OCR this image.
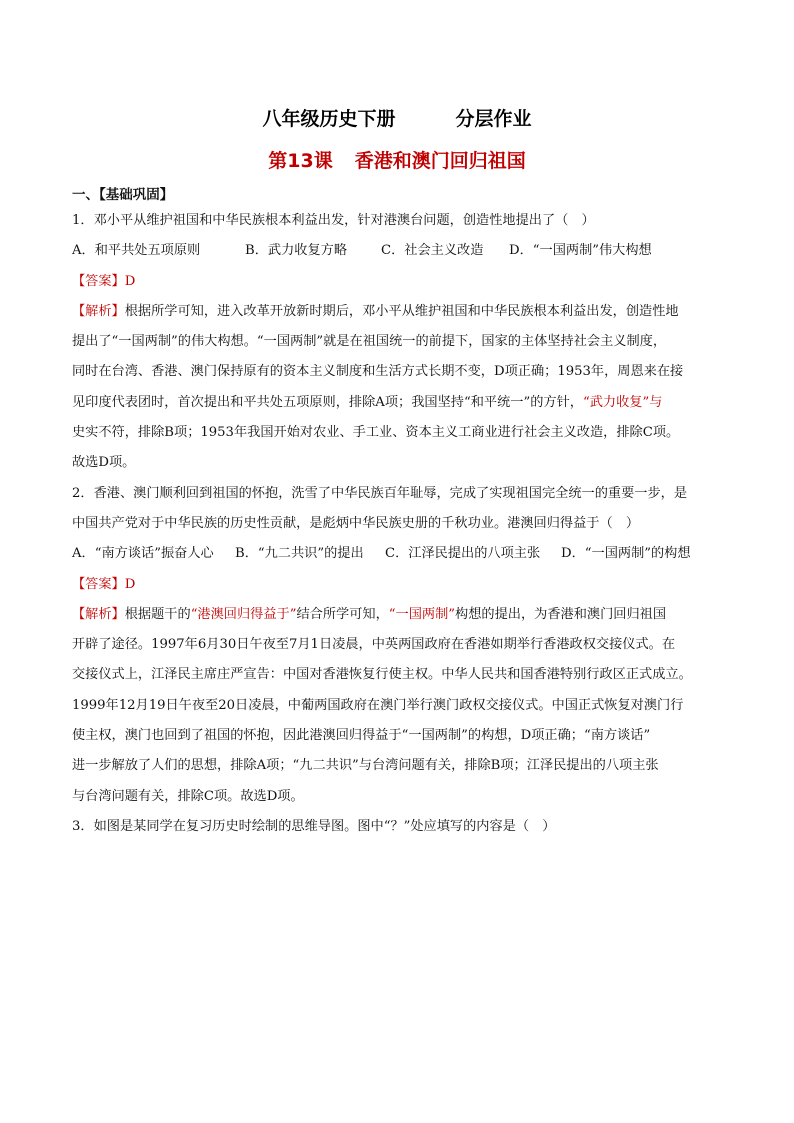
八年级历史下册	分层作业
第13课 香港和澳门回归祖国
一、【基础巩固】
1．邓小平从维护祖国和中华民族根本利益出发，针对港澳台问题，创造性地提出了（　）
A．和平共处五项原则	B．武力收复方略	C．社会主义改造	D．“一国两制”伟大构想
【答案】D
【解析】根据所学可知，进入改革开放新时期后，邓小平从维护祖国和中华民族根本利益出发，创造性地
提出了“一国两制”的伟大构想。“一国两制”就是在祖国统一的前提下，国家的主体坚持社会主义制度，
同时在台湾、香港、澳门保持原有的资本主义制度和生活方式长期不变，D项正确；1953年，周恩来在接
见印度代表团时，首次提出和平共处五项原则，排除A项；我国坚持“和平统一”的方针，“武力收复”与
史实不符，排除B项；1953年我国开始对农业、手工业、资本主义工商业进行社会主义改造，排除C项。
故选D项。
2．香港、澳门顺利回到祖国的怀抱，洗雪了中华民族百年耻辱，完成了实现祖国完全统一的重要一步，是
中国共产党对于中华民族的历史性贡献，是彪炳中华民族史册的千秋功业。港澳回归得益于（　）
A．“南方谈话”振奋人心	B．“九二共识”的提出	C．江泽民提出的八项主张	D．“一国两制”的构想
【答案】D
【解析】根据题干的“港澳回归得益于”结合所学可知，“一国两制”构想的提出，为香港和澳门回归祖国
开辟了途径。1997年6月30日午夜至7月1日凌晨，中英两国政府在香港如期举行香港政权交接仪式。在
交接仪式上，江泽民主席庄严宣告：中国对香港恢复行使主权。中华人民共和国香港特别行政区正式成立。
1999年12月19日午夜至20日凌晨，中葡两国政府在澳门举行澳门政权交接仪式。中国正式恢复对澳门行
使主权，澳门也回到了祖国的怀抱，因此港澳回归得益于“一国两制”的构想，D项正确；“南方谈话”
进一步解放了人们的思想，排除A项；“九二共识”与台湾问题有关，排除B项；江泽民提出的八项主张
与台湾问题有关，排除C项。故选D项。
3．如图是某同学在复习历史时绘制的思维导图。图中“？”处应填写的内容是（　）
